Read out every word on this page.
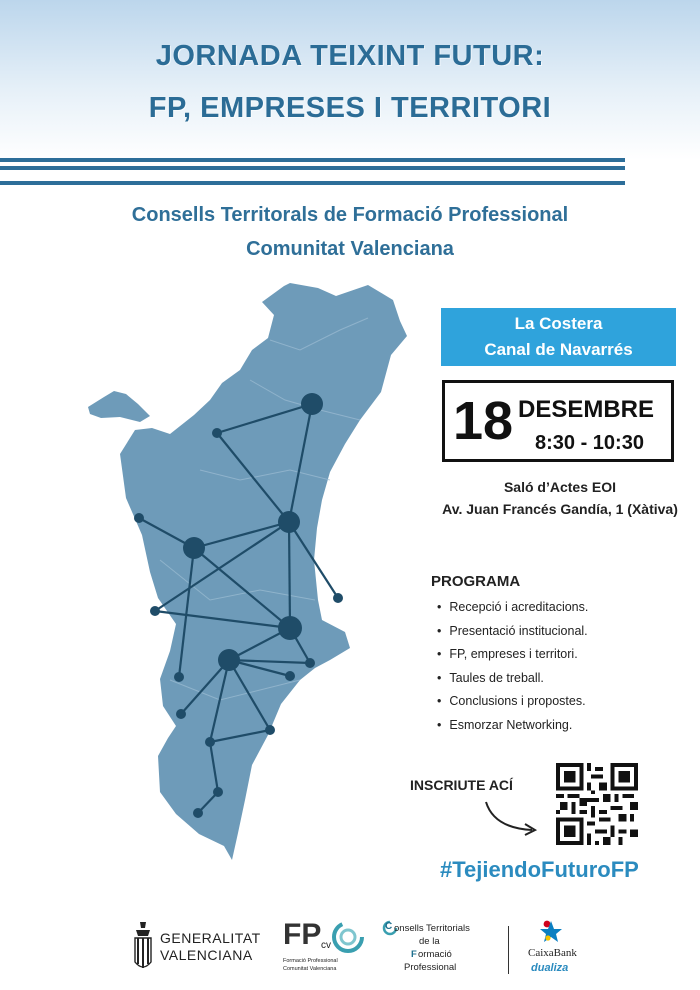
JORNADA TEIXINT FUTUR:
FP, EMPRESES I TERRITORI
Consells Territorals de Formació Professional
Comunitat Valenciana
La Costera
Canal de Navarrés
18 DESEMBRE
8:30 - 10:30
Saló d’Actes EOI
Av. Juan Francés Gandía, 1 (Xàtiva)
PROGRAMA
• Recepció i acreditacions.
• Presentació institucional.
• FP, empreses i territori.
• Taules de treball.
• Conclusions i propostes.
• Esmorzar Networking.
INSCRIUTE ACÍ
#TejiendoFuturoFP
GENERALITAT
VALENCIANA
FP cv
Formació Professional
Comunitat Valenciana
C onsells Territorials
de la
F ormació
Professional
CaixaBank
dualiza
